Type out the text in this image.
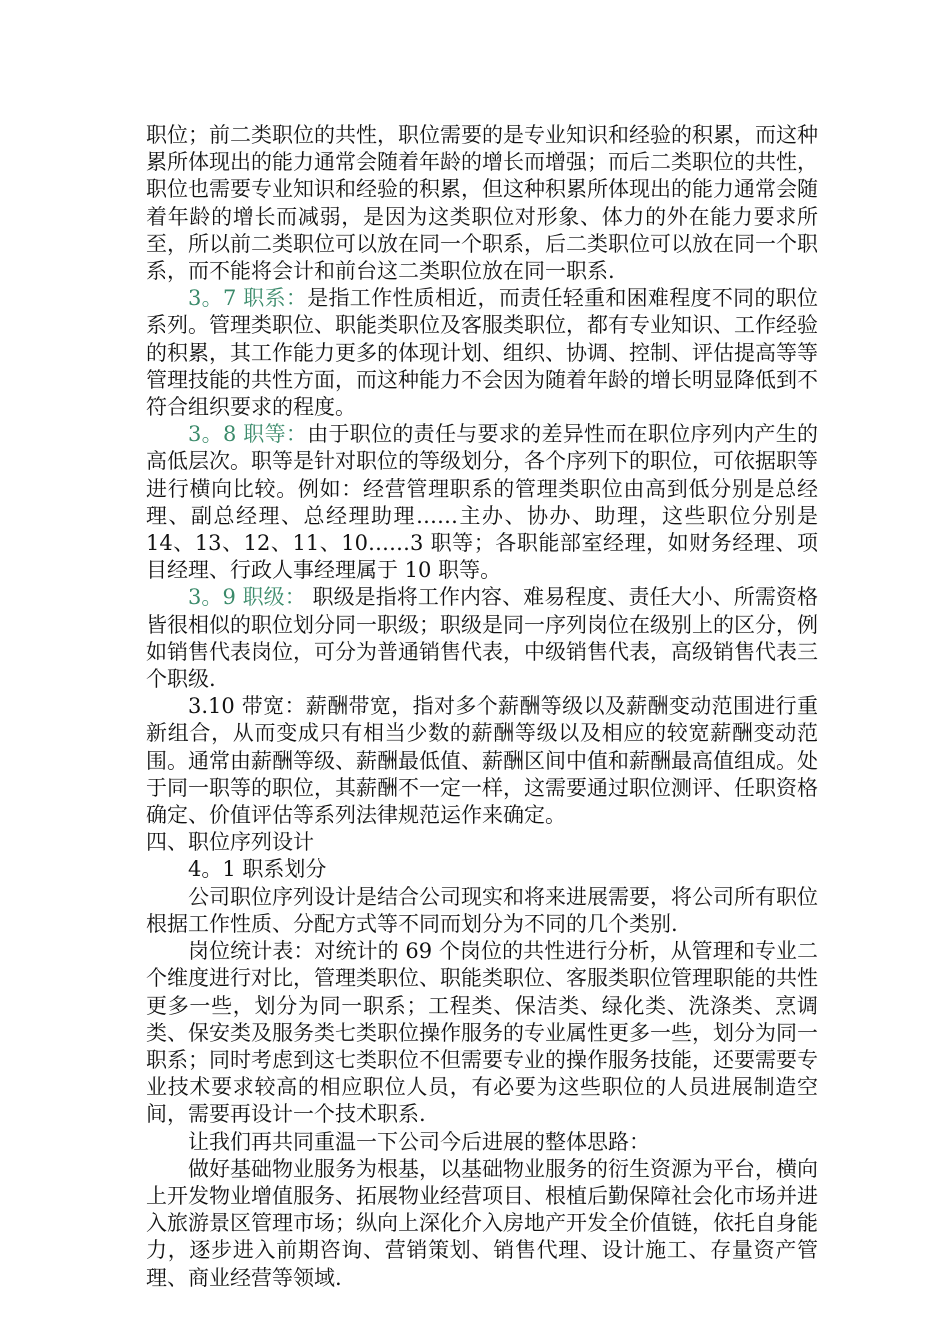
职位；前二类职位的共性，职位需要的是专业知识和经验的积累，而这种累所体现出的能力通常会随着年龄的增长而增强；而后二类职位的共性，职位也需要专业知识和经验的积累，但这种积累所体现出的能力通常会随着年龄的增长而减弱，是因为这类职位对形象、体力的外在能力要求所至，所以前二类职位可以放在同一个职系，后二类职位可以放在同一个职系，而不能将会计和前台这二类职位放在同一职系.

3。7 职系：是指工作性质相近，而责任轻重和困难程度不同的职位系列。管理类职位、职能类职位及客服类职位，都有专业知识、工作经验的积累，其工作能力更多的体现计划、组织、协调、控制、评估提高等等管理技能的共性方面，而这种能力不会因为随着年龄的增长明显降低到不符合组织要求的程度。

3。8 职等：由于职位的责任与要求的差异性而在职位序列内产生的高低层次。职等是针对职位的等级划分，各个序列下的职位，可依据职等进行横向比较。例如：经营管理职系的管理类职位由高到低分别是总经理、副总经理、总经理助理……主办、协办、助理，这些职位分别是 14、13、12、11、10……3 职等；各职能部室经理，如财务经理、项目经理、行政人事经理属于 10 职等。

3。9 职级： 职级是指将工作内容、难易程度、责任大小、所需资格皆很相似的职位划分同一职级；职级是同一序列岗位在级别上的区分，例如销售代表岗位，可分为普通销售代表，中级销售代表，高级销售代表三个职级.

3.10 带宽：薪酬带宽，指对多个薪酬等级以及薪酬变动范围进行重新组合，从而变成只有相当少数的薪酬等级以及相应的较宽薪酬变动范围。通常由薪酬等级、薪酬最低值、薪酬区间中值和薪酬最高值组成。处于同一职等的职位，其薪酬不一定一样，这需要通过职位测评、任职资格确定、价值评估等系列法律规范运作来确定。

四、职位序列设计

4。1 职系划分

公司职位序列设计是结合公司现实和将来进展需要，将公司所有职位根据工作性质、分配方式等不同而划分为不同的几个类别.

岗位统计表：对统计的 69 个岗位的共性进行分析，从管理和专业二个维度进行对比，管理类职位、职能类职位、客服类职位管理职能的共性更多一些，划分为同一职系；工程类、保洁类、绿化类、洗涤类、烹调类、保安类及服务类七类职位操作服务的专业属性更多一些，划分为同一职系；同时考虑到这七类职位不但需要专业的操作服务技能，还要需要专业技术要求较高的相应职位人员，有必要为这些职位的人员进展制造空间，需要再设计一个技术职系.

让我们再共同重温一下公司今后进展的整体思路：

做好基础物业服务为根基，以基础物业服务的衍生资源为平台，横向上开发物业增值服务、拓展物业经营项目、根植后勤保障社会化市场并进入旅游景区管理市场；纵向上深化介入房地产开发全价值链，依托自身能力，逐步进入前期咨询、营销策划、销售代理、设计施工、存量资产管理、商业经营等领域.
